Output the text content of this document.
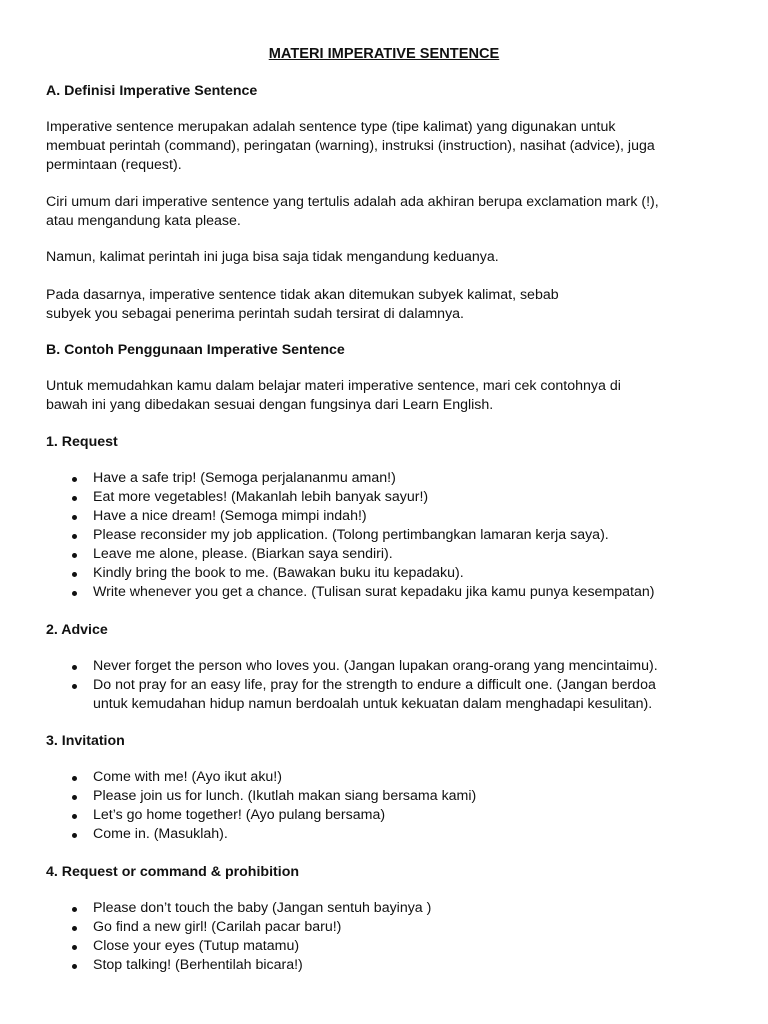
MATERI IMPERATIVE SENTENCE
A. Definisi Imperative Sentence
Imperative sentence merupakan adalah sentence type (tipe kalimat) yang digunakan untuk
membuat perintah (command), peringatan (warning), instruksi (instruction), nasihat (advice), juga
permintaan (request).
Ciri umum dari imperative sentence yang tertulis adalah ada akhiran berupa exclamation mark (!),
atau mengandung kata please.
Namun, kalimat perintah ini juga bisa saja tidak mengandung keduanya.
Pada dasarnya, imperative sentence tidak akan ditemukan subyek kalimat, sebab
subyek you sebagai penerima perintah sudah tersirat di dalamnya.
B. Contoh Penggunaan Imperative Sentence
Untuk memudahkan kamu dalam belajar materi imperative sentence, mari cek contohnya di
bawah ini yang dibedakan sesuai dengan fungsinya dari Learn English.
1. Request
Have a safe trip! (Semoga perjalananmu aman!)
Eat more vegetables! (Makanlah lebih banyak sayur!)
Have a nice dream! (Semoga mimpi indah!)
Please reconsider my job application. (Tolong pertimbangkan lamaran kerja saya).
Leave me alone, please. (Biarkan saya sendiri).
Kindly bring the book to me. (Bawakan buku itu kepadaku).
Write whenever you get a chance. (Tulisan surat kepadaku jika kamu punya kesempatan)
2. Advice
Never forget the person who loves you. (Jangan lupakan orang-orang yang mencintaimu).
Do not pray for an easy life, pray for the strength to endure a difficult one. (Jangan berdoa
untuk kemudahan hidup namun berdoalah untuk kekuatan dalam menghadapi kesulitan).
3. Invitation
Come with me! (Ayo ikut aku!)
Please join us for lunch. (Ikutlah makan siang bersama kami)
Let’s go home together! (Ayo pulang bersama)
Come in. (Masuklah).
4. Request or command & prohibition
Please don’t touch the baby (Jangan sentuh bayinya )
Go find a new girl! (Carilah pacar baru!)
Close your eyes (Tutup matamu)
Stop talking! (Berhentilah bicara!)
